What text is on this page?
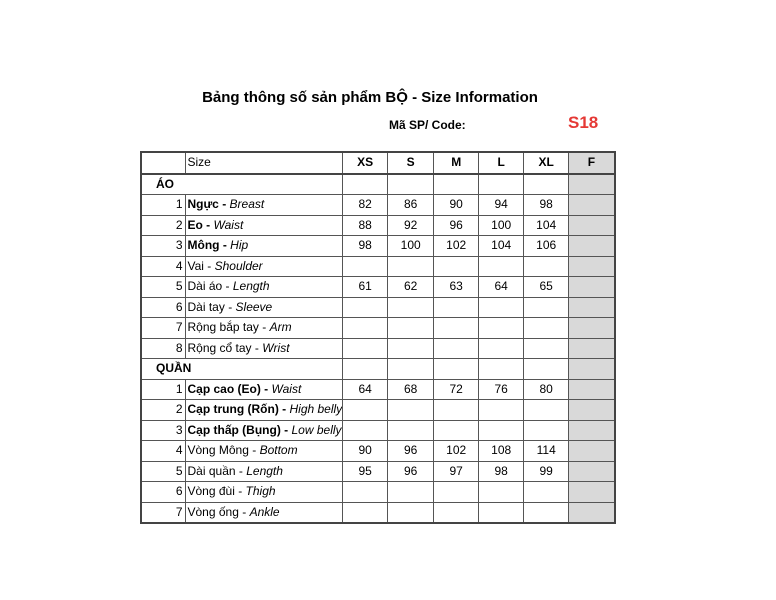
Bảng thông số sản phẩm BỘ - Size Information
Mã SP/ Code:	S18
	Size	XS	S	M	L	XL	F
ÁO							
1	Ngực - Breast	82	86	90	94	98	
2	Eo - Waist	88	92	96	100	104	
3	Mông - Hip	98	100	102	104	106	
4	Vai - Shoulder						
5	Dài áo - Length	61	62	63	64	65	
6	Dài tay - Sleeve						
7	Rộng bắp tay - Arm						
8	Rộng cổ tay - Wrist						
QUẦN							
1	Cạp cao (Eo) - Waist	64	68	72	76	80	
2	Cạp trung (Rốn) - High belly						
3	Cạp thấp (Bụng) - Low belly						
4	Vòng Mông - Bottom	90	96	102	108	114	
5	Dài quần - Length	95	96	97	98	99	
6	Vòng đùi - Thigh						
7	Vòng ống - Ankle						
